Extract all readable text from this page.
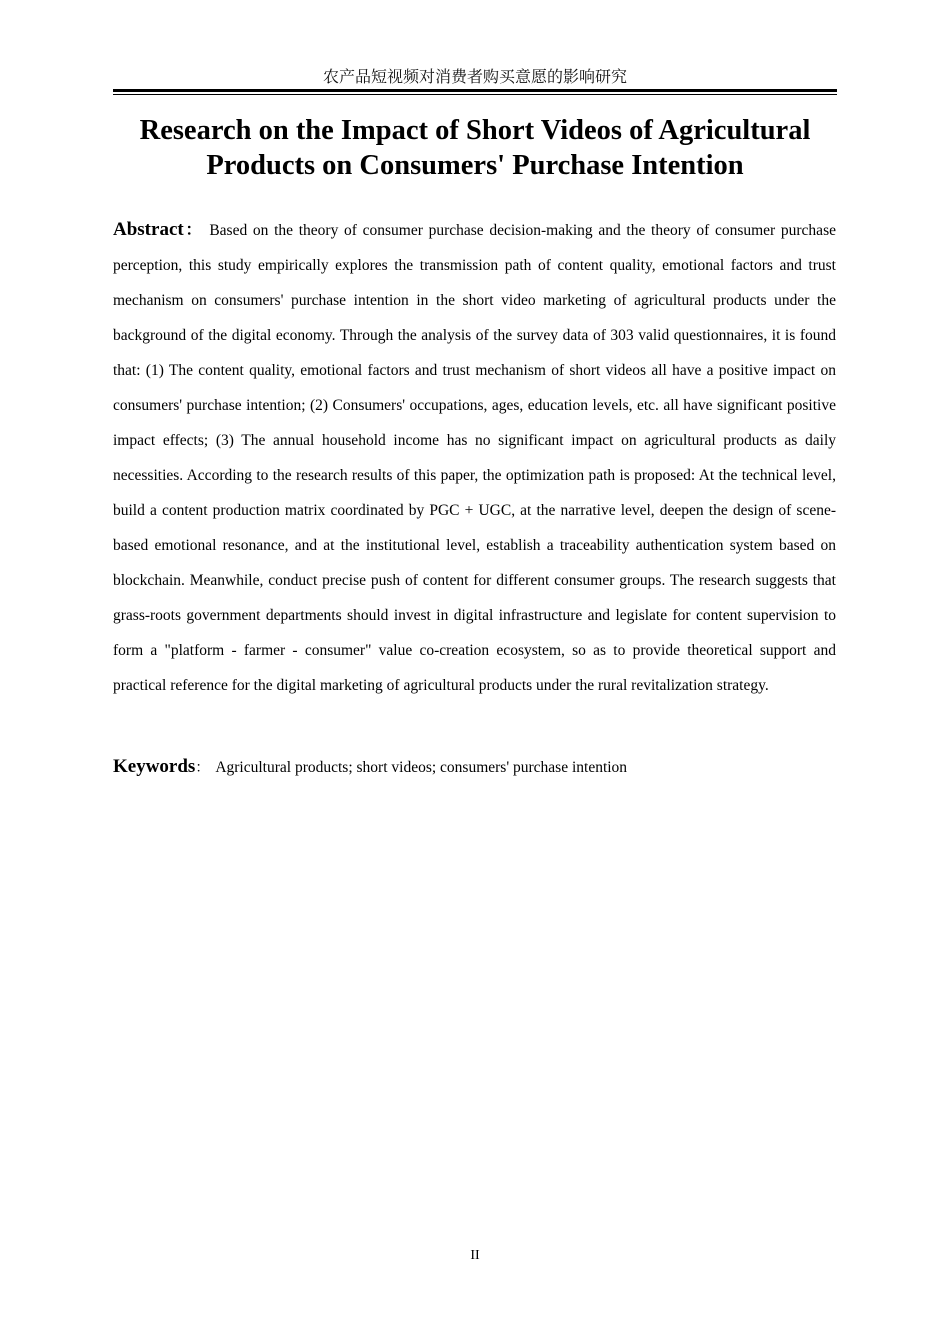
农产品短视频对消费者购买意愿的影响研究
Research on the Impact of Short Videos of Agricultural
Products on Consumers' Purchase Intention

Abstract： Based on the theory of consumer purchase decision-making and the theory of consumer purchase perception, this study empirically explores the transmission path of content quality, emotional factors and trust mechanism on consumers' purchase intention in the short video marketing of agricultural products under the background of the digital economy. Through the analysis of the survey data of 303 valid questionnaires, it is found that: (1) The content quality, emotional factors and trust mechanism of short videos all have a positive impact on consumers' purchase intention; (2) Consumers' occupations, ages, education levels, etc. all have significant positive impact effects; (3) The annual household income has no significant impact on agricultural products as daily necessities. According to the research results of this paper, the optimization path is proposed: At the technical level, build a content production matrix coordinated by PGC + UGC, at the narrative level, deepen the design of scene-based emotional resonance, and at the institutional level, establish a traceability authentication system based on blockchain. Meanwhile, conduct precise push of content for different consumer groups. The research suggests that grass-roots government departments should invest in digital infrastructure and legislate for content supervision to form a "platform - farmer - consumer" value co-creation ecosystem, so as to provide theoretical support and practical reference for the digital marketing of agricultural products under the rural revitalization strategy.

Keywords： Agricultural products; short videos; consumers' purchase intention

II
